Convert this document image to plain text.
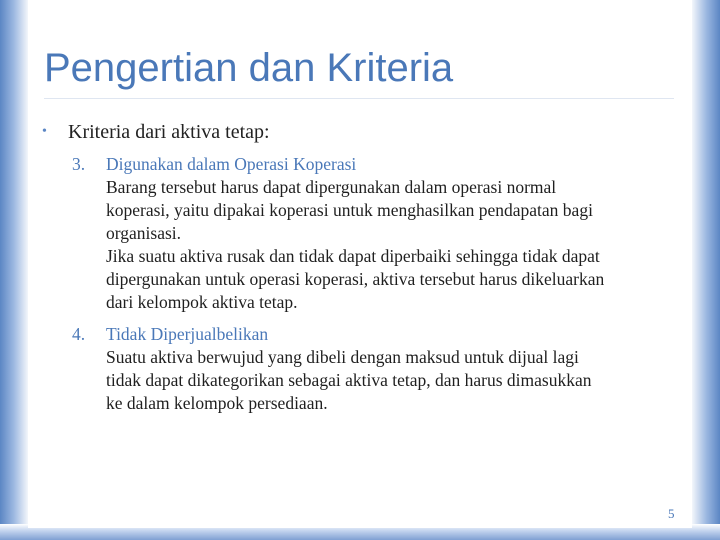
Pengertian dan Kriteria
• Kriteria dari aktiva tetap:
3. Digunakan dalam Operasi Koperasi
Barang tersebut harus dapat dipergunakan dalam operasi normal
koperasi, yaitu dipakai koperasi untuk menghasilkan pendapatan bagi
organisasi.
Jika suatu aktiva rusak dan tidak dapat diperbaiki sehingga tidak dapat
dipergunakan untuk operasi koperasi, aktiva tersebut harus dikeluarkan
dari kelompok aktiva tetap.
4. Tidak Diperjualbelikan
Suatu aktiva berwujud yang dibeli dengan maksud untuk dijual lagi
tidak dapat dikategorikan sebagai aktiva tetap, dan harus dimasukkan
ke dalam kelompok persediaan.
5
